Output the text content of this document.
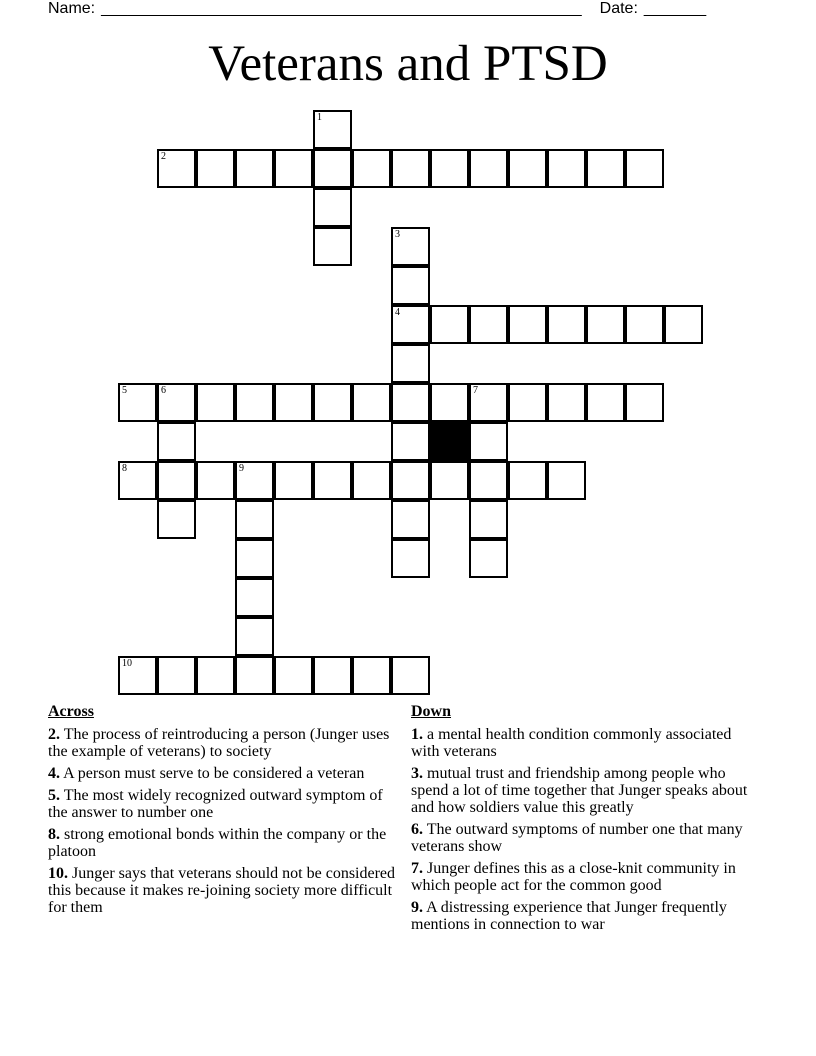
Name: ______________________________________________________ Date: _______
Veterans and PTSD
1
2
3
4
5	6	7
8	9
10
Across
2. The process of reintroducing a person (Junger uses the example of veterans) to society
4. A person must serve to be considered a veteran
5. The most widely recognized outward symptom of the answer to number one
8. strong emotional bonds within the company or the platoon
10. Junger says that veterans should not be considered this because it makes re-joining society more difficult for them
Down
1. a mental health condition commonly associated with veterans
3. mutual trust and friendship among people who spend a lot of time together that Junger speaks about and how soldiers value this greatly
6. The outward symptoms of number one that many veterans show
7. Junger defines this as a close-knit community in which people act for the common good
9. A distressing experience that Junger frequently mentions in connection to war
